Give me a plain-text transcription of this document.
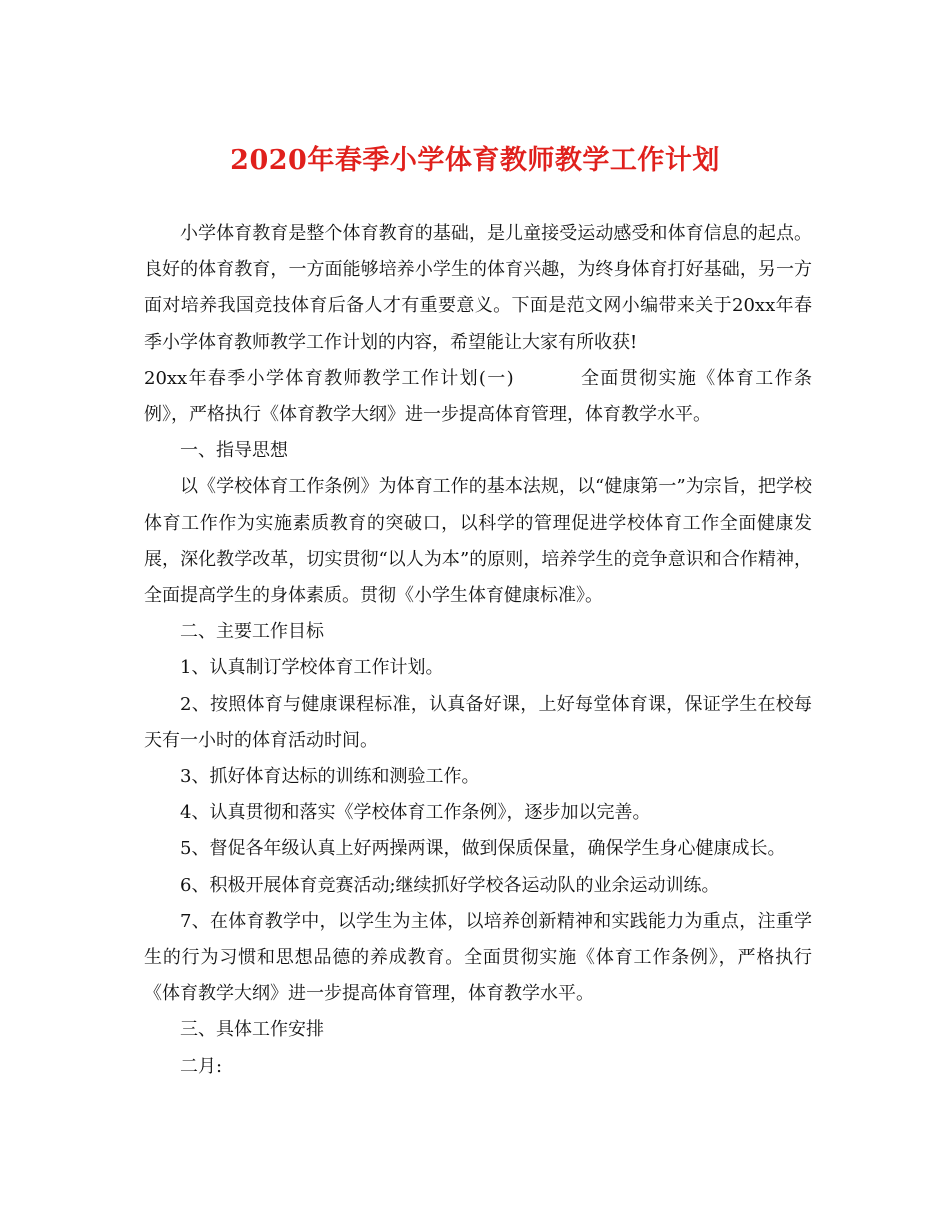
2020年春季小学体育教师教学工作计划

小学体育教育是整个体育教育的基础，是儿童接受运动感受和体育信息的起点。良好的体育教育，一方面能够培养小学生的体育兴趣，为终身体育打好基础，另一方面对培养我国竞技体育后备人才有重要意义。下面是范文网小编带来关于20xx年春季小学体育教师教学工作计划的内容，希望能让大家有所收获!

20xx年春季小学体育教师教学工作计划(一)	全面贯彻实施《体育工作条例》，严格执行《体育教学大纲》进一步提高体育管理，体育教学水平。

一、指导思想

以《学校体育工作条例》为体育工作的基本法规，以“健康第一”为宗旨，把学校体育工作作为实施素质教育的突破口，以科学的管理促进学校体育工作全面健康发展，深化教学改革，切实贯彻“以人为本”的原则，培养学生的竞争意识和合作精神，全面提高学生的身体素质。贯彻《小学生体育健康标准》。

二、主要工作目标

1、认真制订学校体育工作计划。

2、按照体育与健康课程标准，认真备好课，上好每堂体育课，保证学生在校每天有一小时的体育活动时间。

3、抓好体育达标的训练和测验工作。

4、认真贯彻和落实《学校体育工作条例》，逐步加以完善。

5、督促各年级认真上好两操两课，做到保质保量，确保学生身心健康成长。

6、积极开展体育竞赛活动;继续抓好学校各运动队的业余运动训练。

7、在体育教学中，以学生为主体，以培养创新精神和实践能力为重点，注重学生的行为习惯和思想品德的养成教育。全面贯彻实施《体育工作条例》，严格执行《体育教学大纲》进一步提高体育管理，体育教学水平。

三、具体工作安排

二月:
